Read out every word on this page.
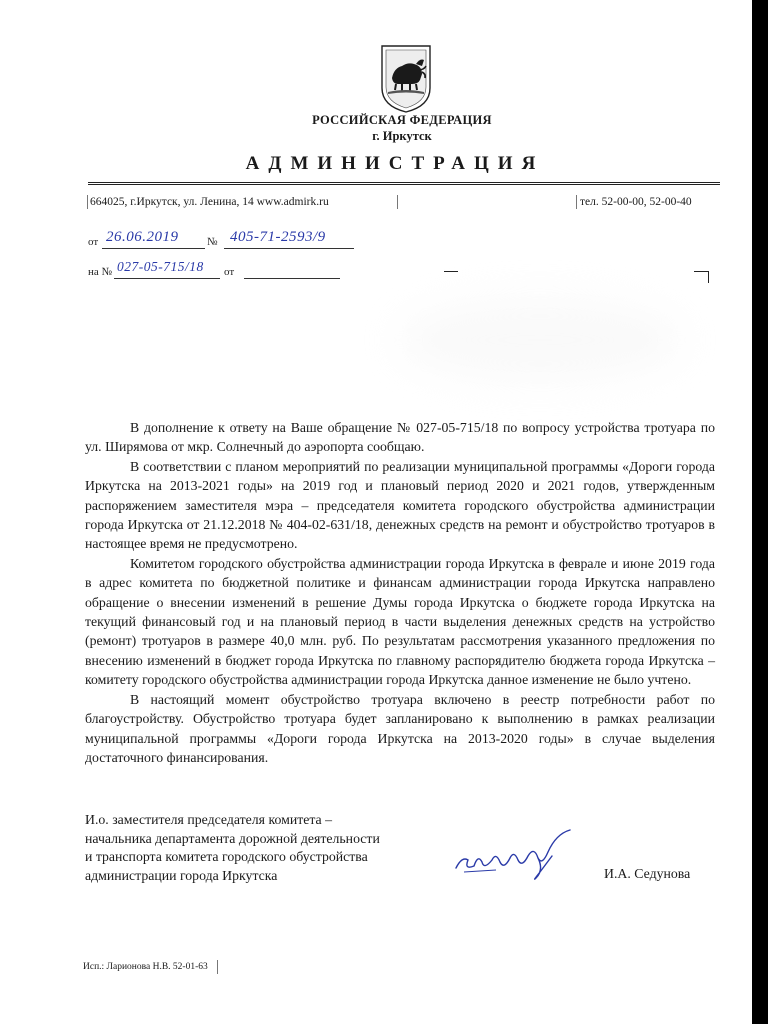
РОССИЙСКАЯ ФЕДЕРАЦИЯ
г. Иркутск
АДМИНИСТРАЦИЯ
664025, г.Иркутск, ул. Ленина, 14 www.admirk.ru	тел. 52-00-00, 52-00-40
от 26.06.2019	№ 405-71-2593/9
на № 027-05-715/18 от

В дополнение к ответу на Ваше обращение № 027-05-715/18 по вопросу устройства тротуара по ул. Ширямова от мкр. Солнечный до аэропорта сообщаю.

В соответствии с планом мероприятий по реализации муниципальной программы «Дороги города Иркутска на 2013-2021 годы» на 2019 год и плановый период 2020 и 2021 годов, утвержденным распоряжением заместителя мэра – председателя комитета городского обустройства администрации города Иркутска от 21.12.2018 № 404-02-631/18, денежных средств на ремонт и обустройство тротуаров в настоящее время не предусмотрено.

Комитетом городского обустройства администрации города Иркутска в феврале и июне 2019 года в адрес комитета по бюджетной политике и финансам администрации города Иркутска направлено обращение о внесении изменений в решение Думы города Иркутска о бюджете города Иркутска на текущий финансовый год и на плановый период в части выделения денежных средств на устройство (ремонт) тротуаров в размере 40,0 млн. руб. По результатам рассмотрения указанного предложения по внесению изменений в бюджет города Иркутска по главному распорядителю бюджета города Иркутска – комитету городского обустройства администрации города Иркутска данное изменение не было учтено.

В настоящий момент обустройство тротуара включено в реестр потребности работ по благоустройству. Обустройство тротуара будет запланировано к выполнению в рамках реализации муниципальной программы «Дороги города Иркутска на 2013-2020 годы» в случае выделения достаточного финансирования.

И.о. заместителя председателя комитета –
начальника департамента дорожной деятельности
и транспорта комитета городского обустройства
администрации города Иркутска	И.А. Седунова
Исп.: Ларионова Н.В. 52-01-63
